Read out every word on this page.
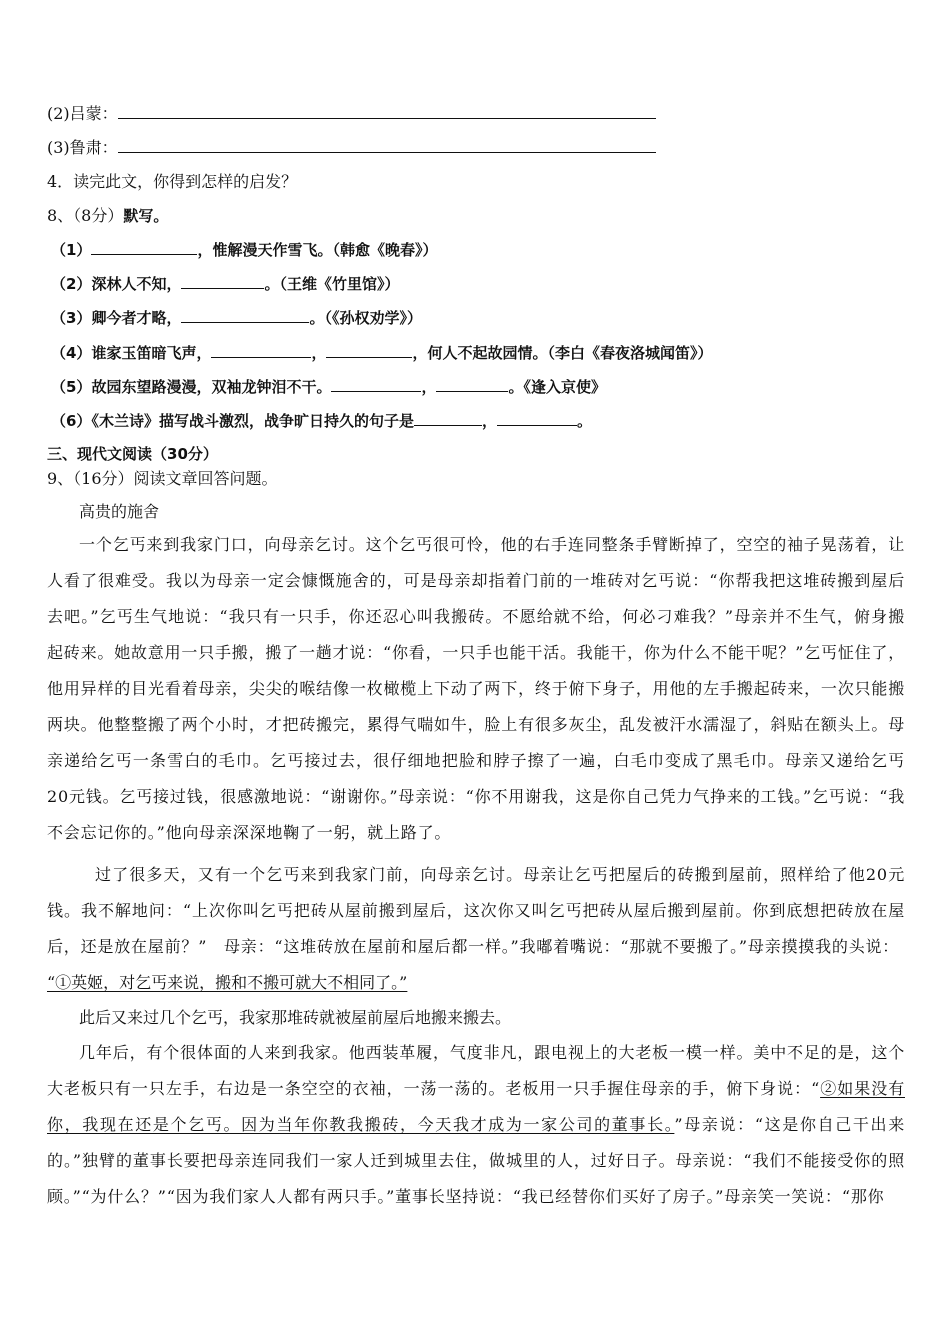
(2)吕蒙：
(3)鲁肃：
4．读完此文，你得到怎样的启发？
8、（8分）默写。
（1）	，惟解漫天作雪飞。（韩愈《晚春》）
（2）深林人不知，	。（王维《竹里馆》）
（3）卿今者才略，	。（《孙权劝学》）
（4）谁家玉笛暗飞声，	，	，何人不起故园情。（李白《春夜洛城闻笛》）
（5）故园东望路漫漫，双袖龙钟泪不干。	，	。《逢入京使》
（6）《木兰诗》描写战斗激烈，战争旷日持久的句子是	，	。
三、现代文阅读（30分）
9、（16分）阅读文章回答问题。
高贵的施舍
一个乞丐来到我家门口，向母亲乞讨。这个乞丐很可怜，他的右手连同整条手臂断掉了，空空的袖子晃荡着，让人看了很难受。我以为母亲一定会慷慨施舍的，可是母亲却指着门前的一堆砖对乞丐说：“你帮我把这堆砖搬到屋后去吧。”乞丐生气地说：“我只有一只手，你还忍心叫我搬砖。不愿给就不给，何必刁难我？”母亲并不生气，俯身搬起砖来。她故意用一只手搬，搬了一趟才说：“你看，一只手也能干活。我能干，你为什么不能干呢？”乞丐怔住了，他用异样的目光看着母亲，尖尖的喉结像一枚橄榄上下动了两下，终于俯下身子，用他的左手搬起砖来，一次只能搬两块。他整整搬了两个小时，才把砖搬完，累得气喘如牛，脸上有很多灰尘，乱发被汗水濡湿了，斜贴在额头上。母亲递给乞丐一条雪白的毛巾。乞丐接过去，很仔细地把脸和脖子擦了一遍，白毛巾变成了黑毛巾。母亲又递给乞丐20元钱。乞丐接过钱，很感激地说：“谢谢你。”母亲说：“你不用谢我，这是你自己凭力气挣来的工钱。”乞丐说：“我不会忘记你的。”他向母亲深深地鞠了一躬，就上路了。
过了很多天，又有一个乞丐来到我家门前，向母亲乞讨。母亲让乞丐把屋后的砖搬到屋前，照样给了他20元钱。我不解地问：“上次你叫乞丐把砖从屋前搬到屋后，这次你又叫乞丐把砖从屋后搬到屋前。你到底想把砖放在屋后，还是放在屋前？”　母亲：“这堆砖放在屋前和屋后都一样。”我嘟着嘴说：“那就不要搬了。”母亲摸摸我的头说：
“①英姬，对乞丐来说，搬和不搬可就大不相同了。”
此后又来过几个乞丐，我家那堆砖就被屋前屋后地搬来搬去。
几年后，有个很体面的人来到我家。他西装革履，气度非凡，跟电视上的大老板一模一样。美中不足的是，这个大老板只有一只左手，右边是一条空空的衣袖，一荡一荡的。老板用一只手握住母亲的手，俯下身说：“②如果没有你，我现在还是个乞丐。因为当年你教我搬砖，今天我才成为一家公司的董事长。”母亲说：“这是你自己干出来的。”独臂的董事长要把母亲连同我们一家人迁到城里去住，做城里的人，过好日子。母亲说：“我们不能接受你的照顾。”“为什么？”“因为我们家人人都有两只手。”董事长坚持说：“我已经替你们买好了房子。”母亲笑一笑说：“那你
